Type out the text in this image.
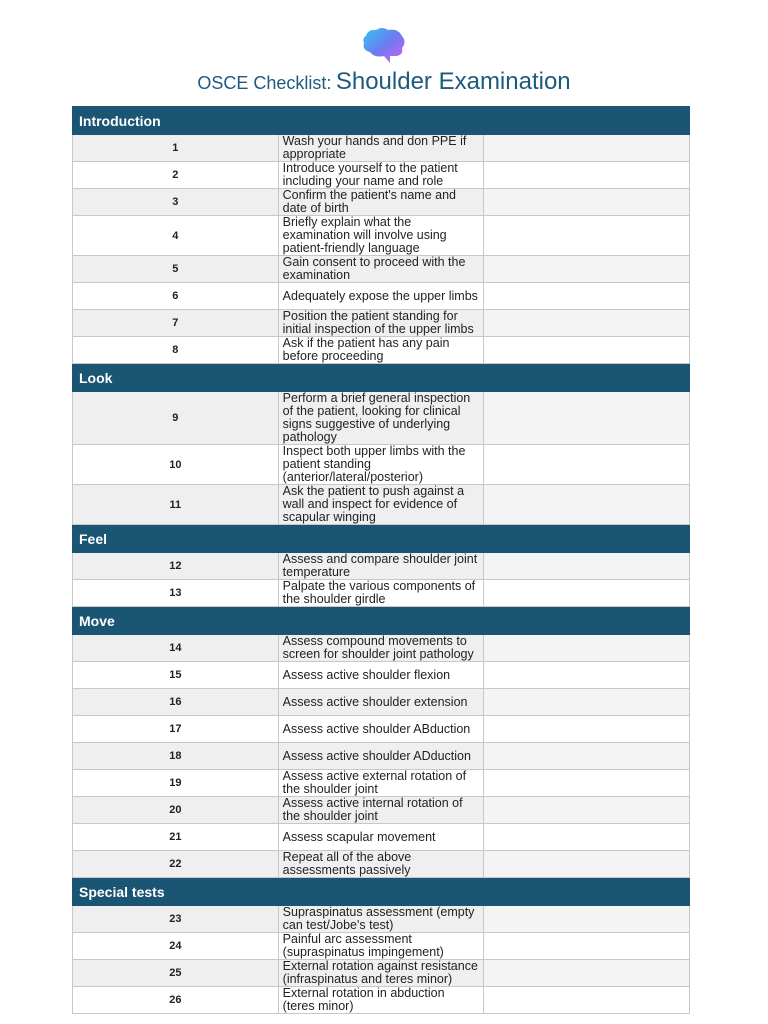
OSCE Checklist: Shoulder Examination
Introduction		
1	Wash your hands and don PPE if appropriate	
2	Introduce yourself to the patient including your name and role	
3	Confirm the patient's name and date of birth	
4	Briefly explain what the examination will involve using patient-friendly language	
5	Gain consent to proceed with the examination	
6	Adequately expose the upper limbs	
7	Position the patient standing for initial inspection of the upper limbs	
8	Ask if the patient has any pain before proceeding	
Look		
9	Perform a brief general inspection of the patient, looking for clinical signs suggestive of underlying pathology	
10	Inspect both upper limbs with the patient standing (anterior/lateral/posterior)	
11	Ask the patient to push against a wall and inspect for evidence of scapular winging	
Feel		
12	Assess and compare shoulder joint temperature	
13	Palpate the various components of the shoulder girdle	
Move		
14	Assess compound movements to screen for shoulder joint pathology	
15	Assess active shoulder flexion	
16	Assess active shoulder extension	
17	Assess active shoulder ABduction	
18	Assess active shoulder ADduction	
19	Assess active external rotation of the shoulder joint	
20	Assess active internal rotation of the shoulder joint	
21	Assess scapular movement	
22	Repeat all of the above assessments passively	
Special tests		
23	Supraspinatus assessment (empty can test/Jobe's test)	
24	Painful arc assessment (supraspinatus impingement)	
25	External rotation against resistance (infraspinatus and teres minor)	
26	External rotation in abduction (teres minor)	
